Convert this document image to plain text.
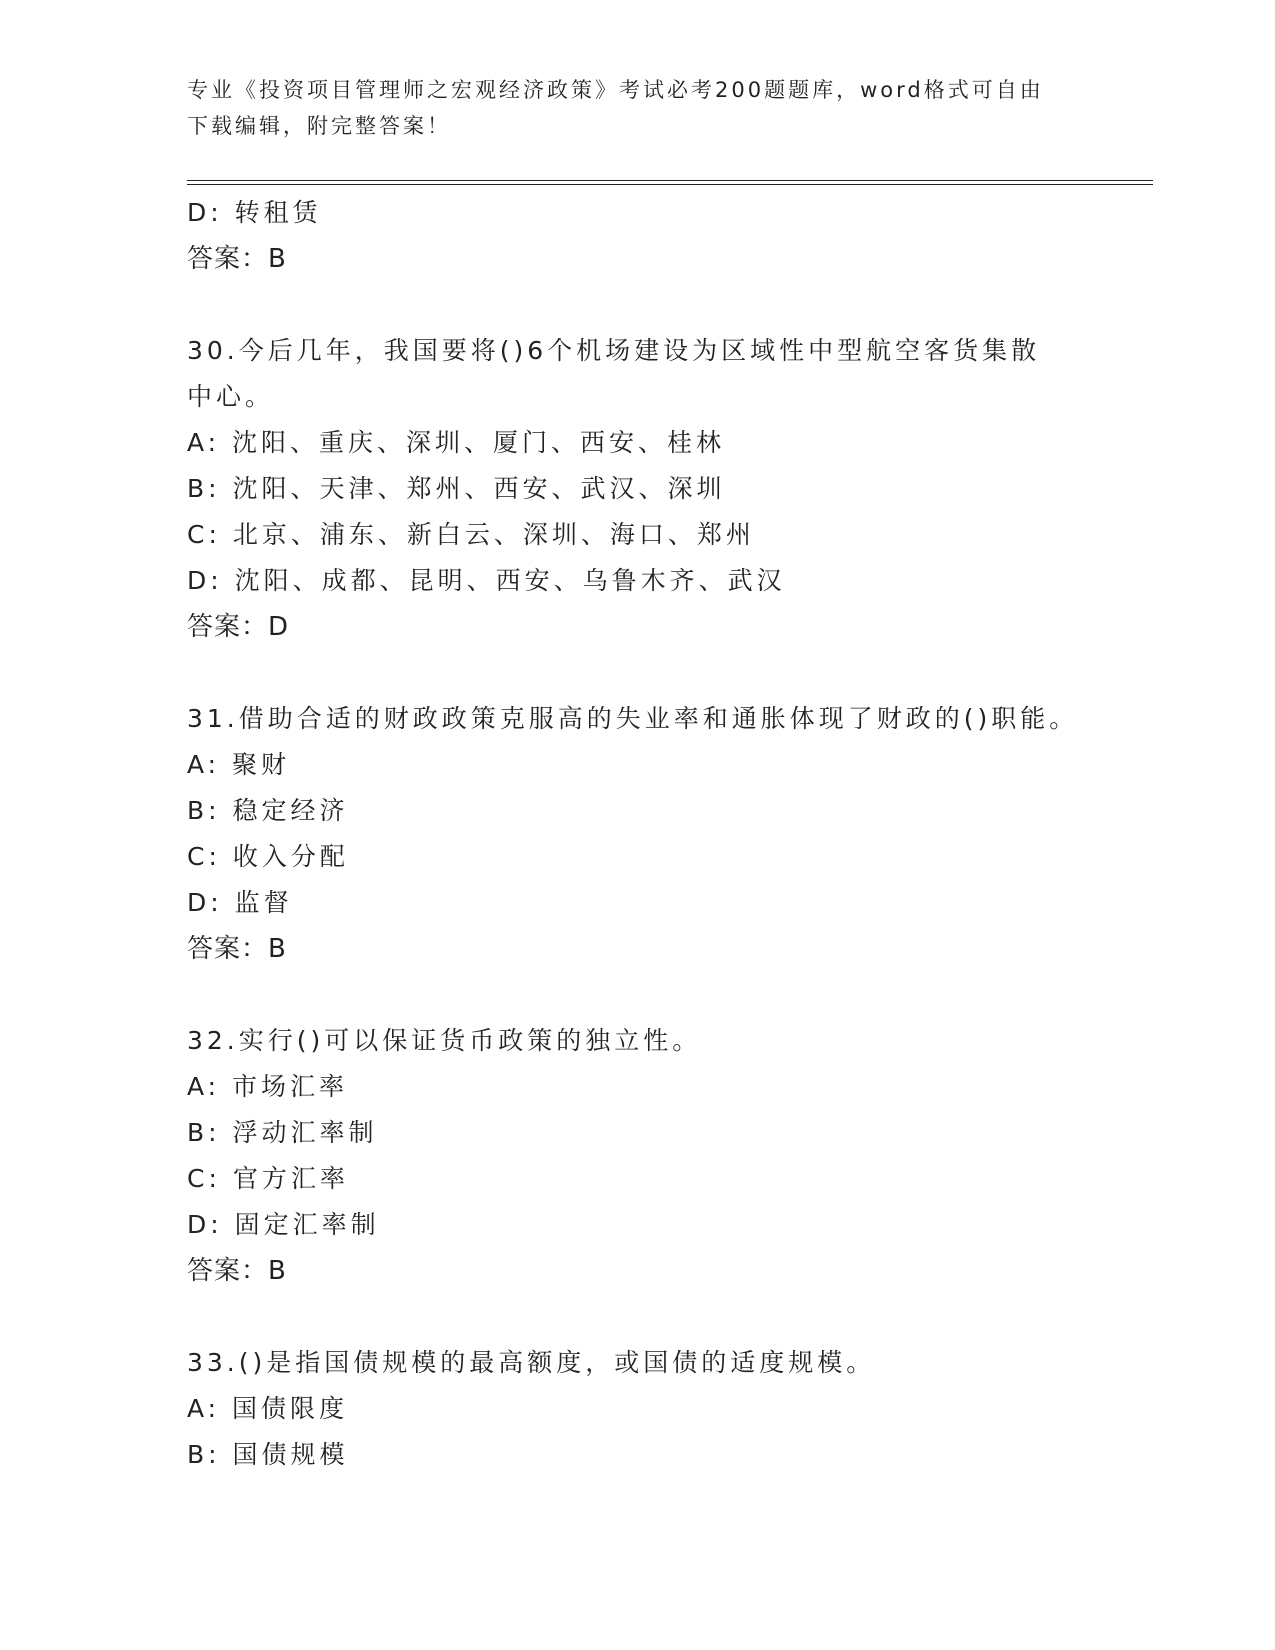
专业《投资项目管理师之宏观经济政策》考试必考200题题库，word格式可自由下载编辑，附完整答案！
D: 转租赁
答案：B
30.今后几年，我国要将()6个机场建设为区域性中型航空客货集散中心。
A: 沈阳、重庆、深圳、厦门、西安、桂林
B: 沈阳、天津、郑州、西安、武汉、深圳
C: 北京、浦东、新白云、深圳、海口、郑州
D: 沈阳、成都、昆明、西安、乌鲁木齐、武汉
答案：D
31.借助合适的财政政策克服高的失业率和通胀体现了财政的()职能。
A: 聚财
B: 稳定经济
C: 收入分配
D: 监督
答案：B
32.实行()可以保证货币政策的独立性。
A: 市场汇率
B: 浮动汇率制
C: 官方汇率
D: 固定汇率制
答案：B
33.()是指国债规模的最高额度，或国债的适度规模。
A: 国债限度
B: 国债规模
